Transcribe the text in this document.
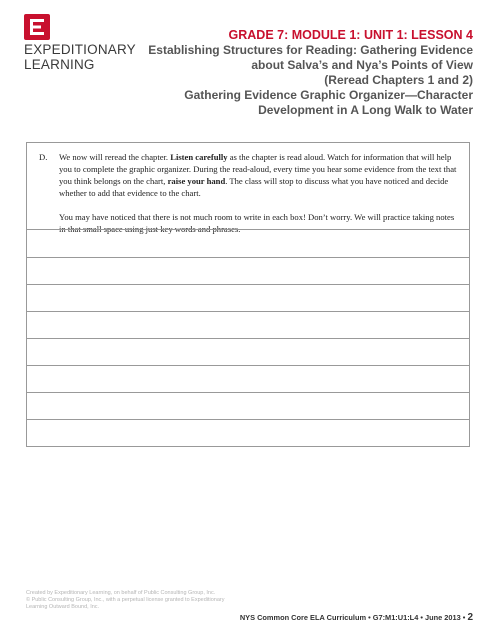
EXPEDITIONARY
LEARNING
GRADE 7: MODULE 1: UNIT 1: LESSON 4
Establishing Structures for Reading: Gathering Evidence
about Salva’s and Nya’s Points of View
(Reread Chapters 1 and 2)
Gathering Evidence Graphic Organizer—Character
Development in A Long Walk to Water
D. We now will reread the chapter. Listen carefully as the chapter is read aloud. Watch for information that will help you to complete the graphic organizer. During the read-aloud, every time you hear some evidence from the text that you think belongs on the chart, raise your hand. The class will stop to discuss what you have noticed and decide whether to add that evidence to the chart.
You may have noticed that there is not much room to write in each box! Don’t worry. We will practice taking notes in that small space using just key words and phrases.
Created by Expeditionary Learning, on behalf of Public Consulting Group, Inc.
© Public Consulting Group, Inc., with a perpetual license granted to Expeditionary
Learning Outward Bound, Inc.
NYS Common Core ELA Curriculum • G7:M1:U1:L4 • June 2013 • 2
